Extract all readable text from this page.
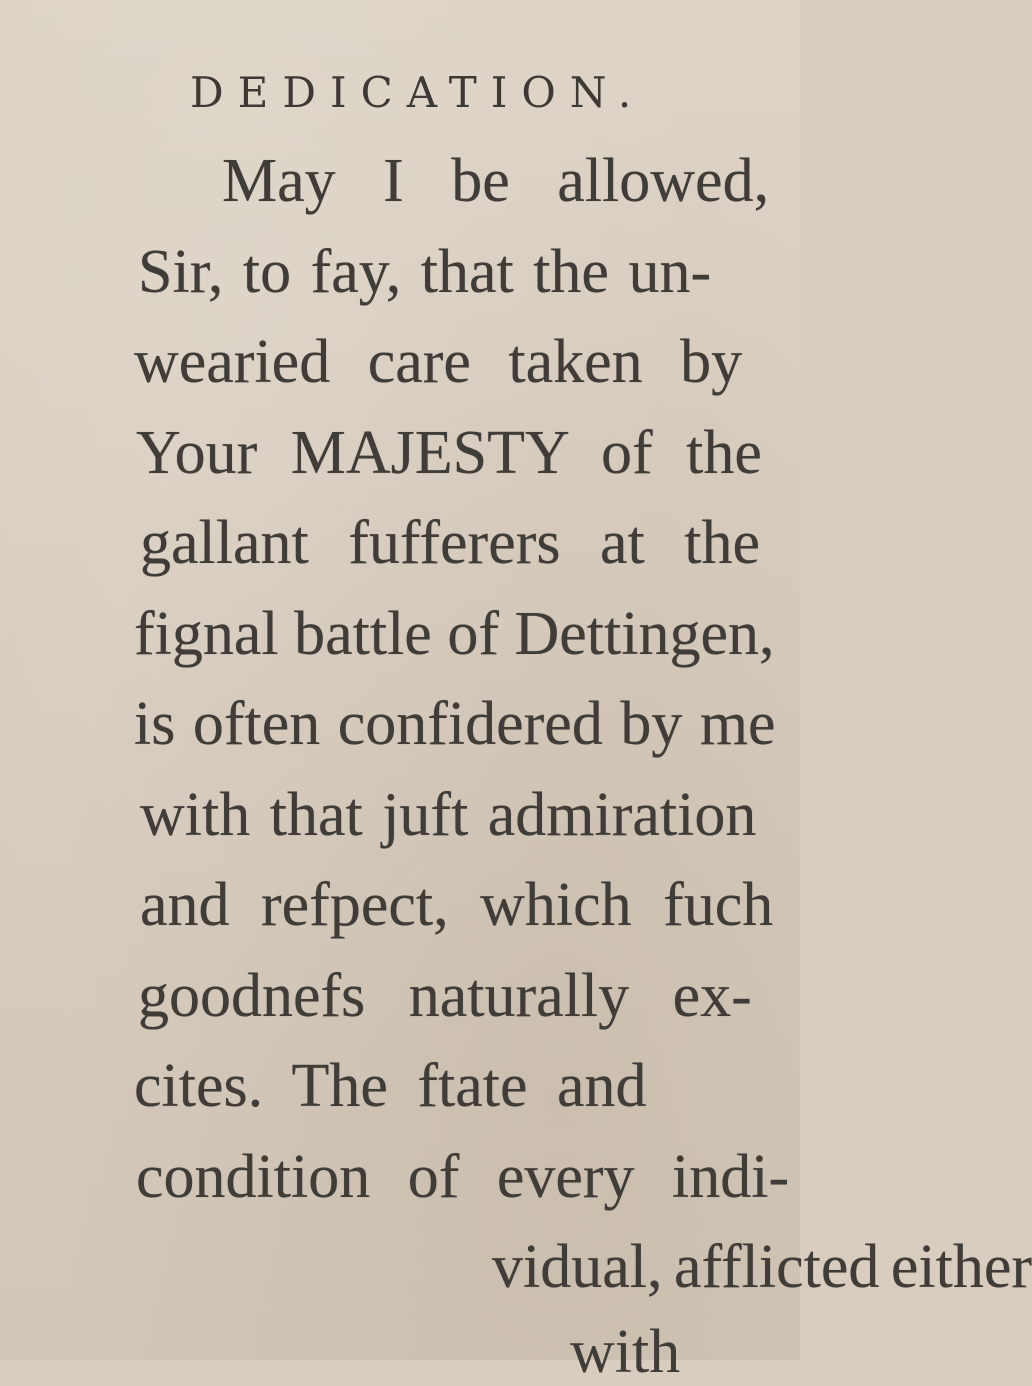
DEDICATION.
May I be allowed,
Sir, to fay, that the un-
wearied care taken by
Your MAJESTY of the
gallant fufferers at the
fignal battle of Dettingen,
is often confidered by me
with that juft admiration
and refpect, which fuch
goodnefs naturally ex-
cites. The ftate and
condition of every indi-
vidual, afflicted either
with
